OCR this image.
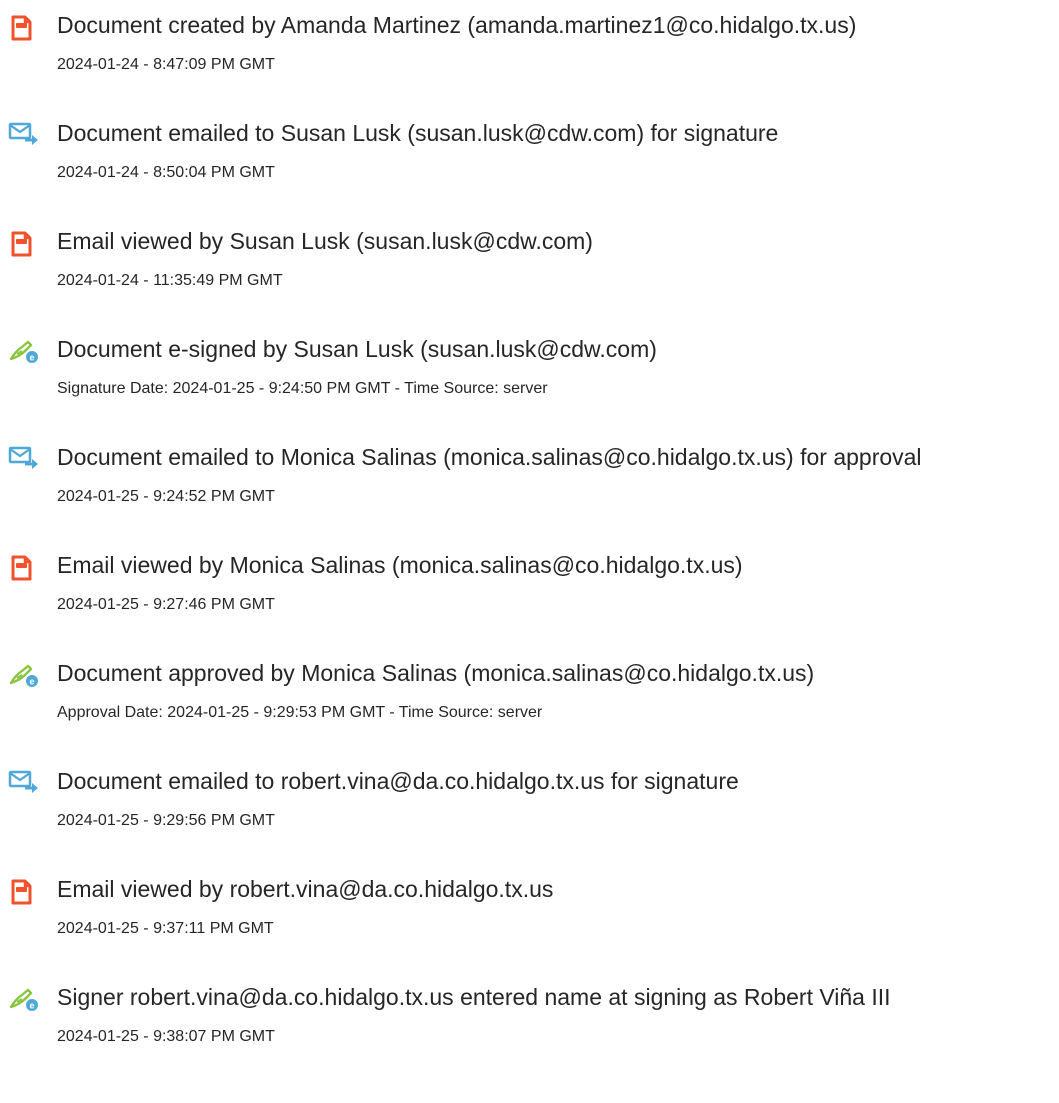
Document created by Amanda Martinez (amanda.martinez1@co.hidalgo.tx.us)
2024-01-24 - 8:47:09 PM GMT
Document emailed to Susan Lusk (susan.lusk@cdw.com) for signature
2024-01-24 - 8:50:04 PM GMT
Email viewed by Susan Lusk (susan.lusk@cdw.com)
2024-01-24 - 11:35:49 PM GMT
e Document e-signed by Susan Lusk (susan.lusk@cdw.com)
Signature Date: 2024-01-25 - 9:24:50 PM GMT - Time Source: server
Document emailed to Monica Salinas (monica.salinas@co.hidalgo.tx.us) for approval
2024-01-25 - 9:24:52 PM GMT
Email viewed by Monica Salinas (monica.salinas@co.hidalgo.tx.us)
2024-01-25 - 9:27:46 PM GMT
e Document approved by Monica Salinas (monica.salinas@co.hidalgo.tx.us)
Approval Date: 2024-01-25 - 9:29:53 PM GMT - Time Source: server
Document emailed to robert.vina@da.co.hidalgo.tx.us for signature
2024-01-25 - 9:29:56 PM GMT
Email viewed by robert.vina@da.co.hidalgo.tx.us
2024-01-25 - 9:37:11 PM GMT
e Signer robert.vina@da.co.hidalgo.tx.us entered name at signing as Robert Viña III
2024-01-25 - 9:38:07 PM GMT
